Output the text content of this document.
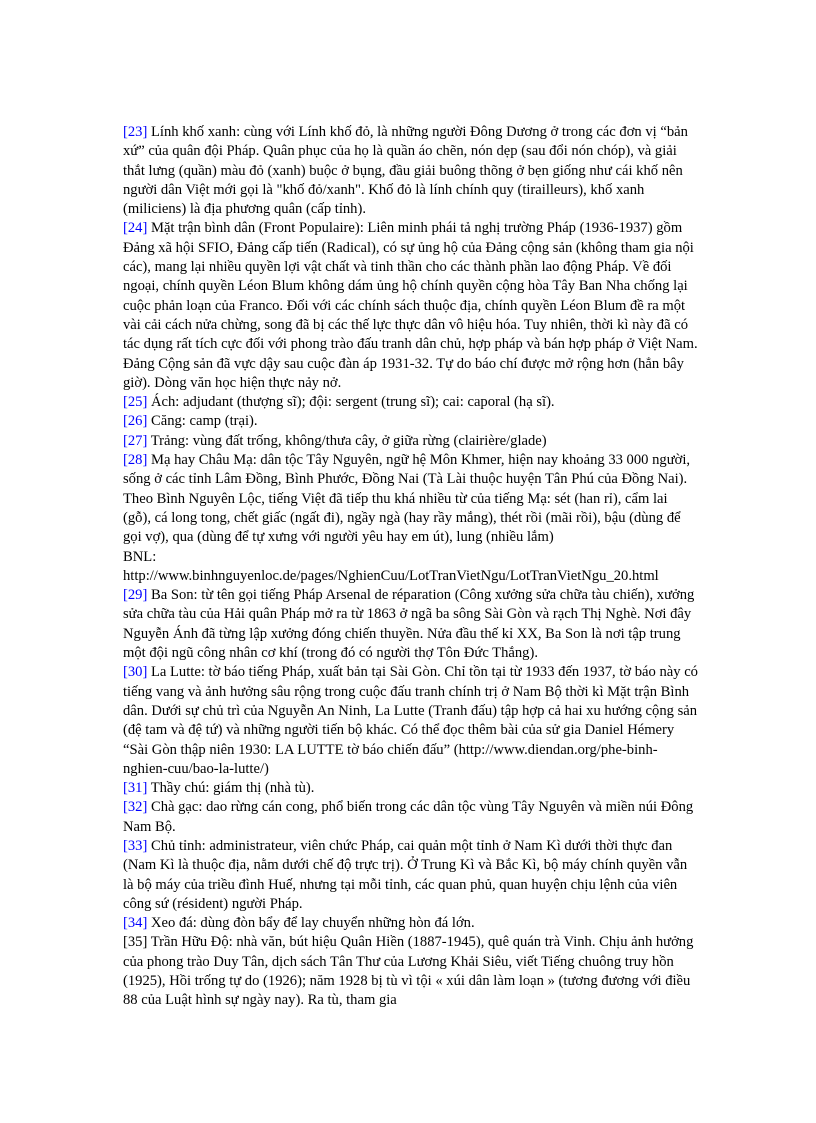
[23] Lính khố xanh: cùng với Lính khố đỏ, là những người Đông Dương ở trong các đơn vị “bản xứ” của quân đội Pháp. Quân phục của họ là quần áo chẽn, nón dẹp (sau đổi nón chóp), và giải thắt lưng (quần) màu đỏ (xanh) buộc ở bụng, đầu giải buông thõng ở bẹn giống như cái khố nên người dân Việt mới gọi là "khố đỏ/xanh". Khố đỏ là lính chính quy (tirailleurs), khố xanh (miliciens) là địa phương quân (cấp tỉnh).

[24] Mặt trận bình dân (Front Populaire): Liên minh phái tả nghị trường Pháp (1936-1937) gồm Đảng xã hội SFIO, Đảng cấp tiến (Radical), có sự ủng hộ của Đảng cộng sản (không tham gia nội các), mang lại nhiều quyền lợi vật chất và tinh thần cho các thành phần lao động Pháp. Về đối ngoại, chính quyền Léon Blum không dám ủng hộ chính quyền cộng hòa Tây Ban Nha chống lại cuộc phản loạn của Franco. Đối với các chính sách thuộc địa, chính quyền Léon Blum đề ra một vài cải cách nửa chừng, song đã bị các thế lực thực dân vô hiệu hóa. Tuy nhiên, thời kì này đã có tác dụng rất tích cực đối với phong trào đấu tranh dân chủ, hợp pháp và bán hợp pháp ở Việt Nam. Đảng Cộng sản đã vực dậy sau cuộc đàn áp 1931-32. Tự do báo chí được mở rộng hơn (hẳn bây giờ). Dòng văn học hiện thực nảy nở.

[25] Ách: adjudant (thượng sĩ); đội: sergent (trung sĩ); cai: caporal (hạ sĩ).

[26] Căng: camp (trại).

[27] Trảng: vùng đất trống, không/thưa cây, ở giữa rừng (clairière/glade)

[28] Mạ hay Châu Mạ: dân tộc Tây Nguyên, ngữ hệ Môn Khmer, hiện nay khoảng 33 000 người, sống ở các tỉnh Lâm Đồng, Bình Phước, Đồng Nai (Tà Lài thuộc huyện Tân Phú của Đồng Nai). Theo Bình Nguyên Lộc, tiếng Việt đã tiếp thu khá nhiều từ của tiếng Mạ: sét (han rỉ), cẩm lai (gỗ), cá long tong, chết giấc (ngất đi), ngầy ngà (hay rầy mắng), thét rồi (mãi rồi), bậu (dùng để gọi vợ), qua (dùng để tự xưng với người yêu hay em út), lung (nhiều lắm)

BNL:

http://www.binhnguyenloc.de/pages/NghienCuu/LotTranVietNgu/LotTranVietNgu_20.html

[29] Ba Son: từ tên gọi tiếng Pháp Arsenal de réparation (Công xưởng sửa chữa tàu chiến), xưởng sửa chữa tàu của Hải quân Pháp mở ra từ 1863 ở ngã ba sông Sài Gòn và rạch Thị Nghè. Nơi đây Nguyễn Ánh đã từng lập xưởng đóng chiến thuyền. Nửa đầu thế kỉ XX, Ba Son là nơi tập trung một đội ngũ công nhân cơ khí (trong đó có người thợ Tôn Đức Thắng).

[30] La Lutte: tờ báo tiếng Pháp, xuất bản tại Sài Gòn. Chỉ tồn tại từ 1933 đến 1937, tờ báo này có tiếng vang và ảnh hưởng sâu rộng trong cuộc đấu tranh chính trị ở Nam Bộ thời kì Mặt trận Bình dân. Dưới sự chủ trì của Nguyễn An Ninh, La Lutte (Tranh đấu) tập hợp cả hai xu hướng cộng sản (đệ tam và đệ tứ) và những người tiến bộ khác. Có thể đọc thêm bài của sử gia Daniel Hémery “Sài Gòn thập niên 1930: LA LUTTE tờ báo chiến đấu” (http://www.diendan.org/phe-binh-nghien-cuu/bao-la-lutte/)

[31] Thầy chú: giám thị (nhà tù).

[32] Chà gạc: dao rừng cán cong, phổ biến trong các dân tộc vùng Tây Nguyên và miền núi Đông Nam Bộ.

[33] Chủ tỉnh: administrateur, viên chức Pháp, cai quản một tỉnh ở Nam Kì dưới thời thực đan (Nam Kì là thuộc địa, nằm dưới chế độ trực trị). Ở Trung Kì và Bắc Kì, bộ máy chính quyền vẫn là bộ máy của triều đình Huế, nhưng tại mỗi tỉnh, các quan phủ, quan huyện chịu lệnh của viên công sứ (résident) người Pháp.

[34] Xeo đá: dùng đòn bẩy để lay chuyển những hòn đá lớn.

[35] Trần Hữu Độ: nhà văn, bút hiệu Quân Hiền (1887-1945), quê quán trà Vinh. Chịu ảnh hưởng của phong trào Duy Tân, dịch sách Tân Thư của Lương Khải Siêu, viết Tiếng chuông truy hồn (1925), Hồi trống tự do (1926); năm 1928 bị tù vì tội « xúi dân làm loạn » (tương đương với điều 88 của Luật hình sự ngày nay). Ra tù, tham gia
